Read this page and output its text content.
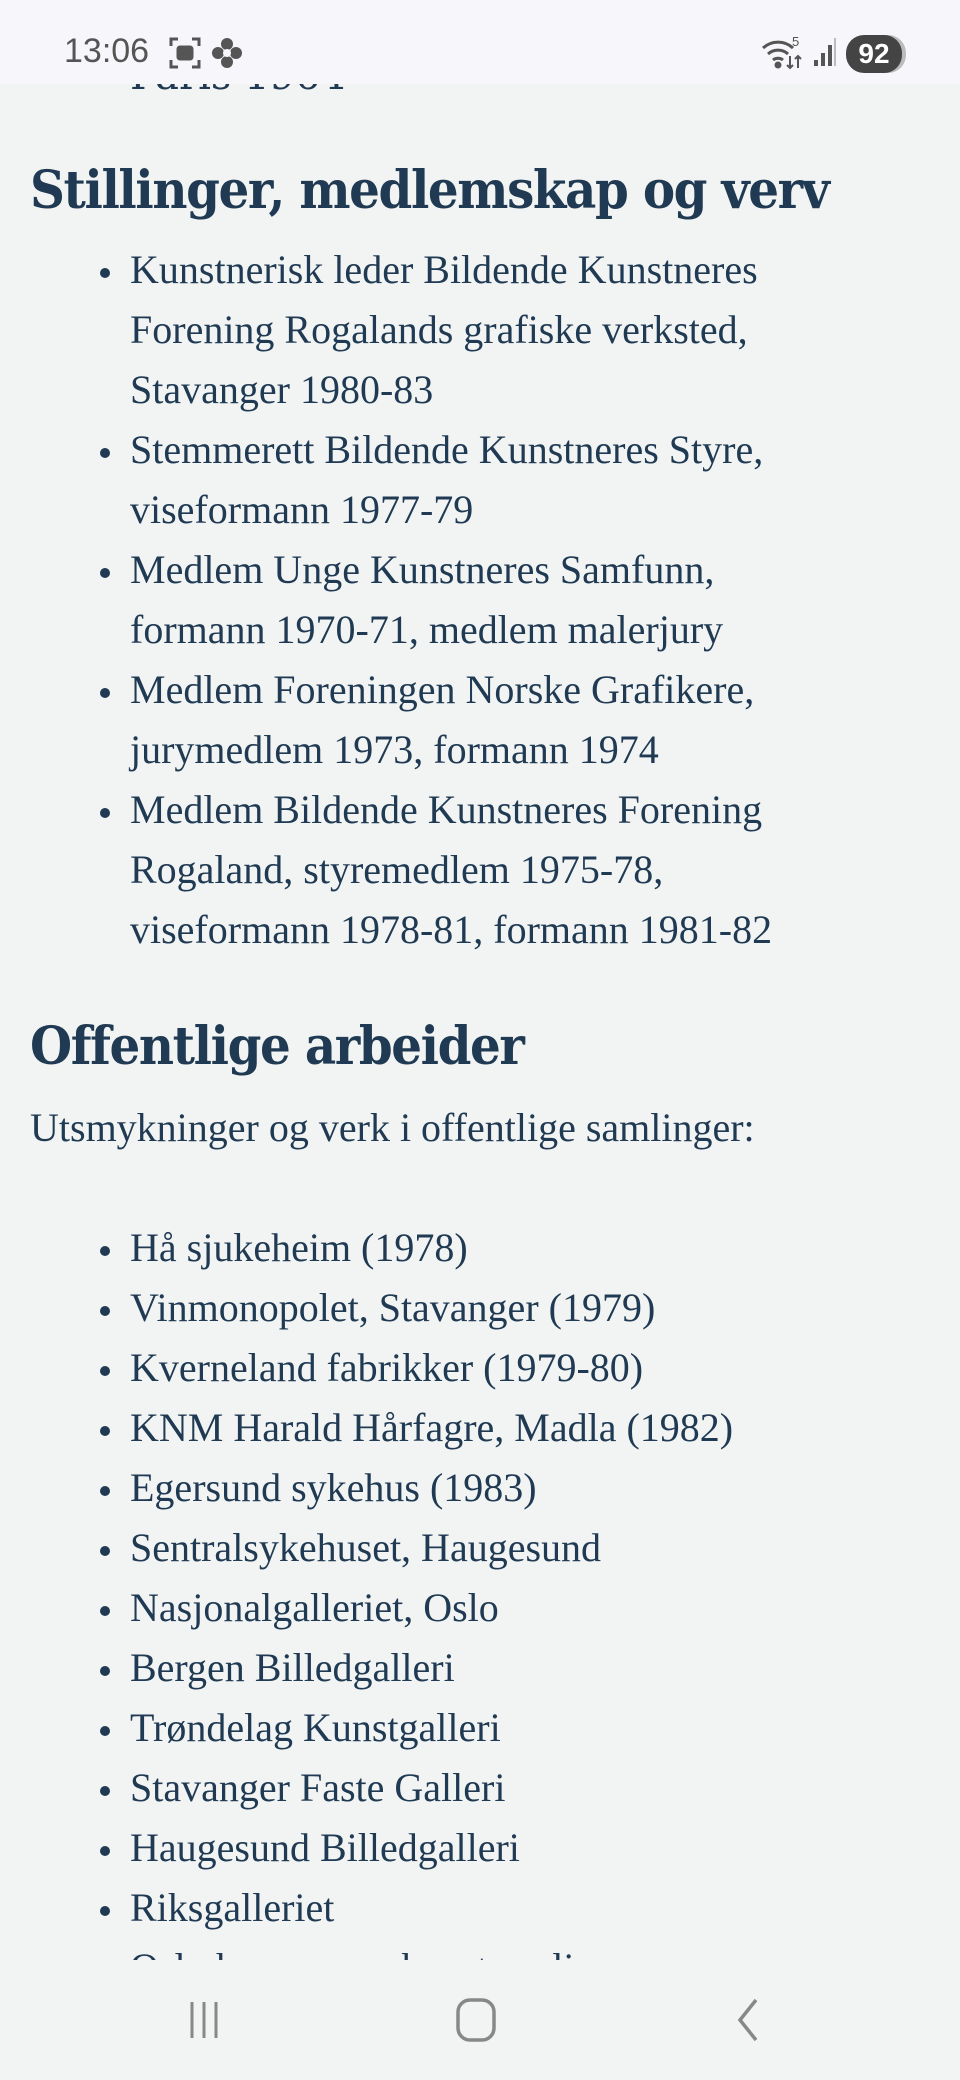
Stillinger, medlemskap og verv
Kunstnerisk leder Bildende Kunstneres Forening Rogalands grafiske verksted, Stavanger 1980-83
Stemmerett Bildende Kunstneres Styre, viseformann 1977-79
Medlem Unge Kunstneres Samfunn, formann 1970-71, medlem malerjury
Medlem Foreningen Norske Grafikere, jurymedlem 1973, formann 1974
Medlem Bildende Kunstneres Forening Rogaland, styremedlem 1975-78, viseformann 1978-81, formann 1981-82
Offentlige arbeider

Utsmykninger og verk i offentlige samlinger:

Hå sjukeheim (1978)
Vinmonopolet, Stavanger (1979)
Kverneland fabrikker (1979-80)
KNM Harald Hårfagre, Madla (1982)
Egersund sykehus (1983)
Sentralsykehuset, Haugesund
Nasjonalgalleriet, Oslo
Bergen Billedgalleri
Trøndelag Kunstgalleri
Stavanger Faste Galleri
Haugesund Billedgalleri
Riksgalleriet
13:06	5	92
